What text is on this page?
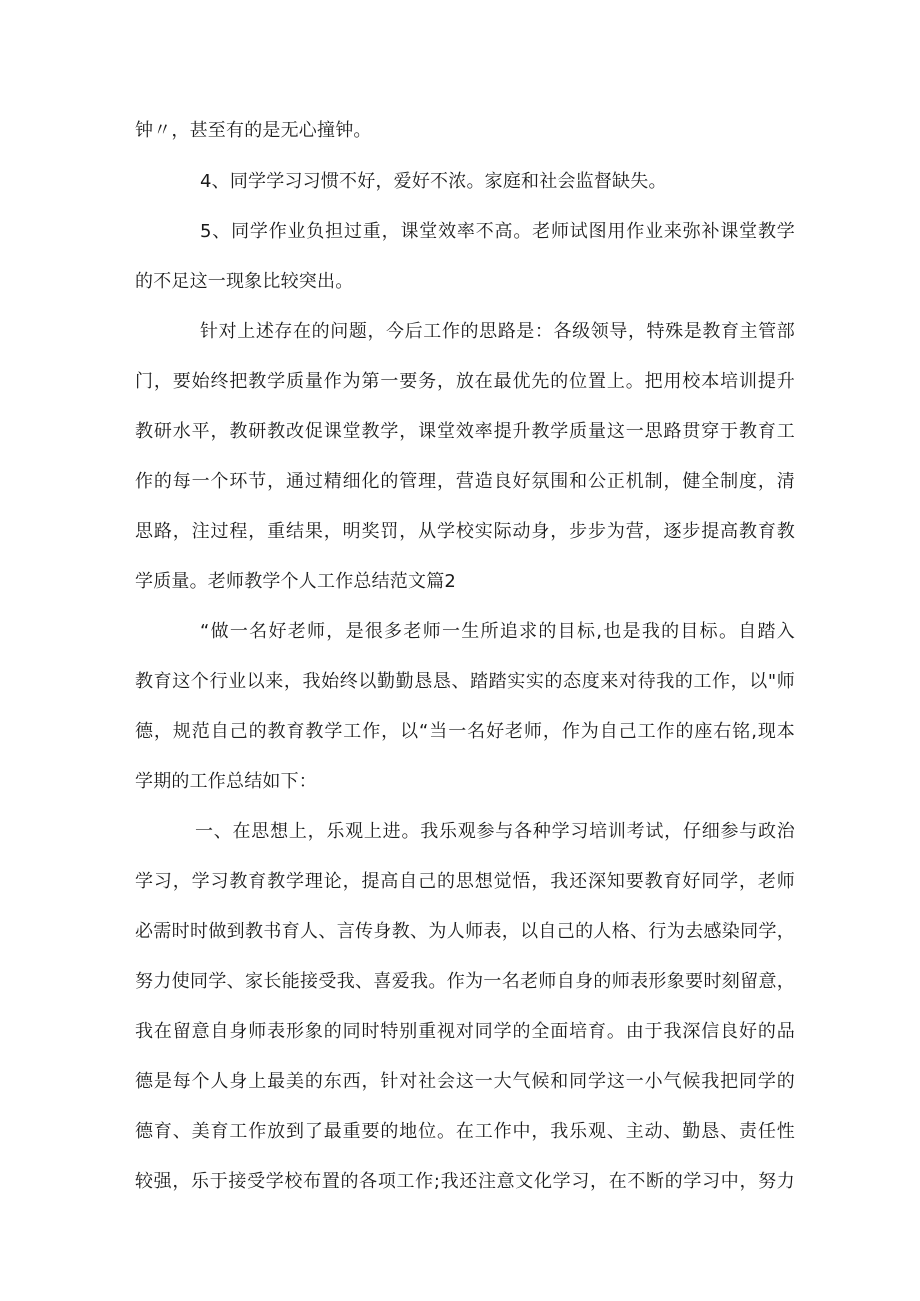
钟〃，甚至有的是无心撞钟。
4、同学学习习惯不好，爱好不浓。家庭和社会监督缺失。
5、同学作业负担过重，课堂效率不高。老师试图用作业来弥补课堂教学
的不足这一现象比较突出。
针对上述存在的问题，今后工作的思路是：各级领导，特殊是教育主管部
门，要始终把教学质量作为第一要务，放在最优先的位置上。把用校本培训提升
教研水平，教研教改促课堂教学，课堂效率提升教学质量这一思路贯穿于教育工
作的每一个环节，通过精细化的管理，营造良好氛围和公正机制，健全制度，清
思路，注过程，重结果，明奖罚，从学校实际动身，步步为营，逐步提高教育教
学质量。老师教学个人工作总结范文篇2
“做一名好老师，是很多老师一生所追求的目标,也是我的目标。自踏入
教育这个行业以来，我始终以勤勤恳恳、踏踏实实的态度来对待我的工作，以"师
德，规范自己的教育教学工作，以“当一名好老师，作为自己工作的座右铭,现本
学期的工作总结如下：
一、在思想上，乐观上进。我乐观参与各种学习培训考试，仔细参与政治
学习，学习教育教学理论，提高自己的思想觉悟，我还深知要教育好同学，老师
必需时时做到教书育人、言传身教、为人师表，以自己的人格、行为去感染同学，
努力使同学、家长能接受我、喜爱我。作为一名老师自身的师表形象要时刻留意，
我在留意自身师表形象的同时特别重视对同学的全面培育。由于我深信良好的品
德是每个人身上最美的东西，针对社会这一大气候和同学这一小气候我把同学的
德育、美育工作放到了最重要的地位。在工作中，我乐观、主动、勤恳、责任性
较强，乐于接受学校布置的各项工作;我还注意文化学习，在不断的学习中，努力
